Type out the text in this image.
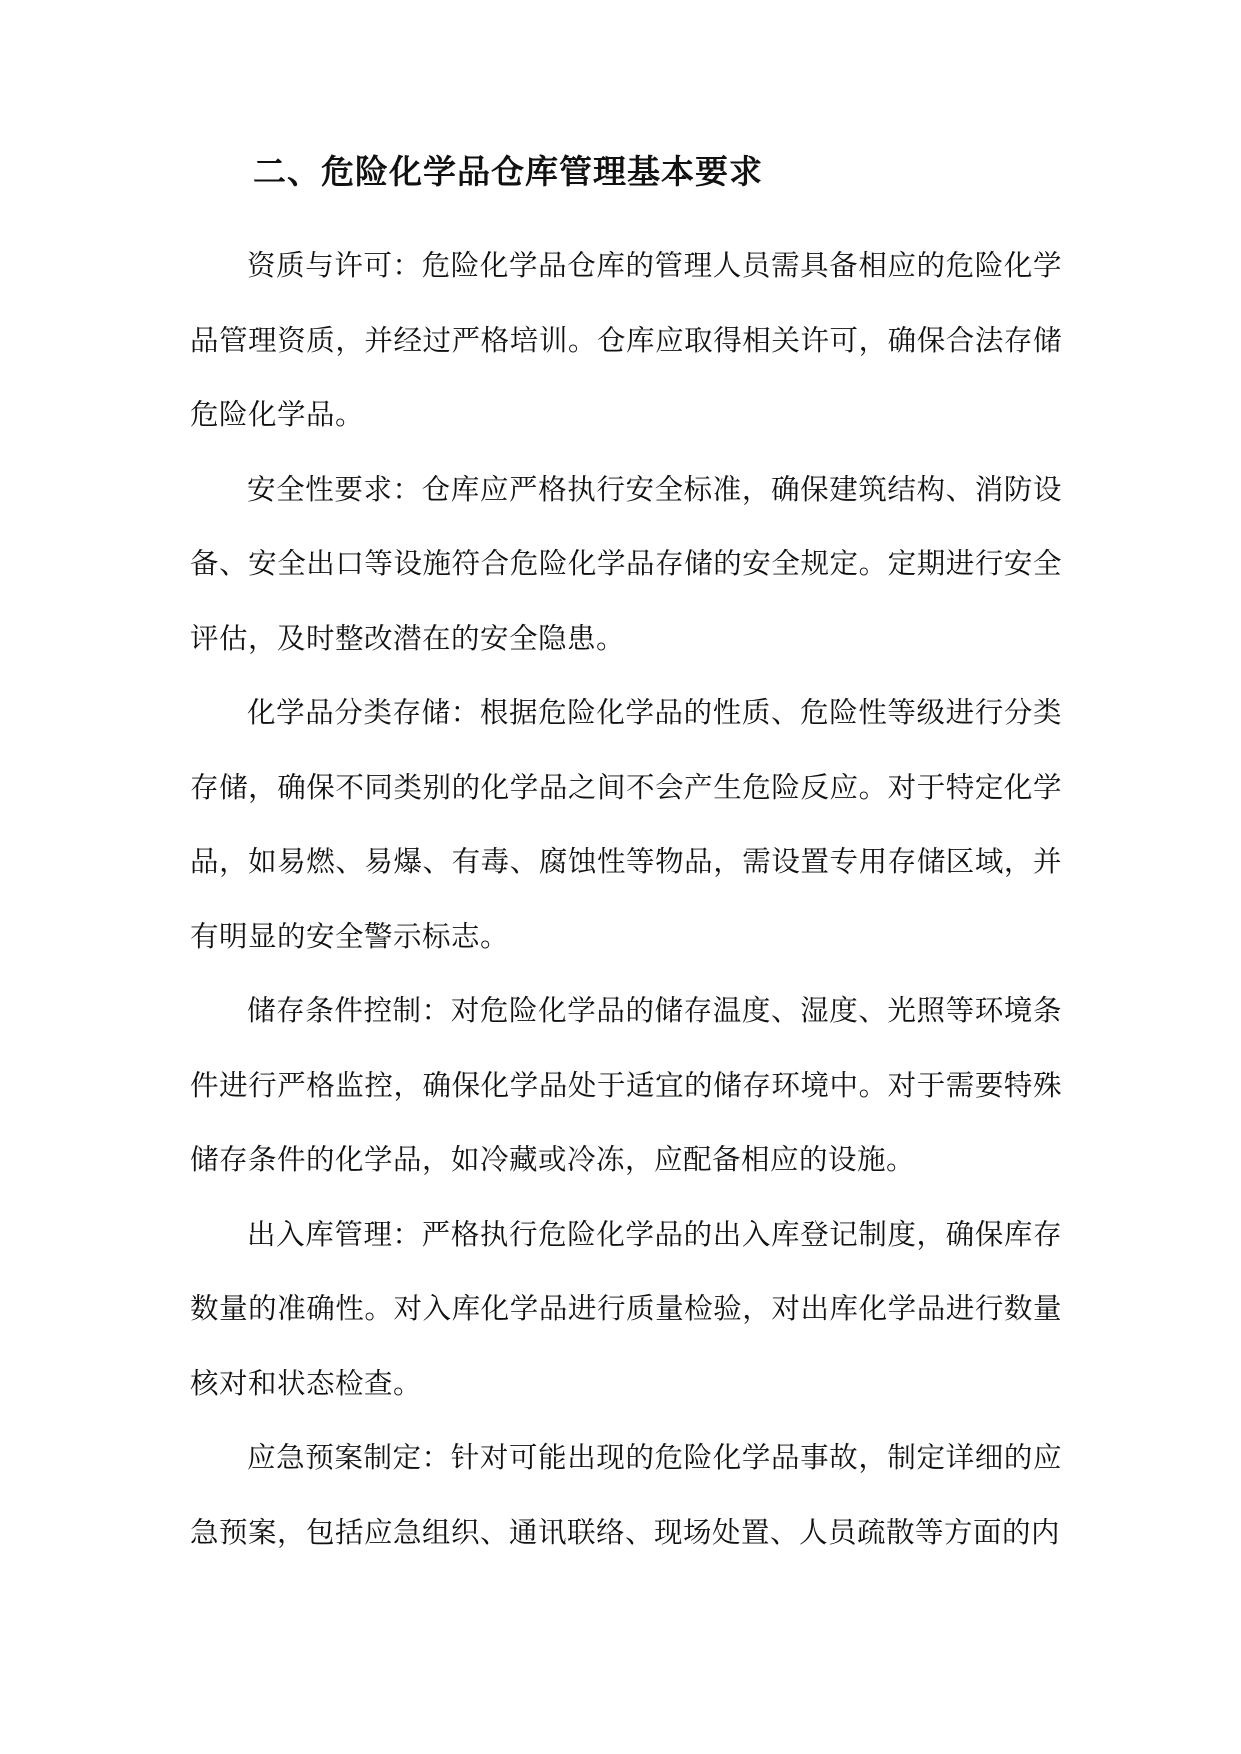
二、危险化学品仓库管理基本要求

资质与许可：危险化学品仓库的管理人员需具备相应的危险化学品管理资质，并经过严格培训。仓库应取得相关许可，确保合法存储危险化学品。

安全性要求：仓库应严格执行安全标准，确保建筑结构、消防设备、安全出口等设施符合危险化学品存储的安全规定。定期进行安全评估，及时整改潜在的安全隐患。

化学品分类存储：根据危险化学品的性质、危险性等级进行分类存储，确保不同类别的化学品之间不会产生危险反应。对于特定化学品，如易燃、易爆、有毒、腐蚀性等物品，需设置专用存储区域，并有明显的安全警示标志。

储存条件控制：对危险化学品的储存温度、湿度、光照等环境条件进行严格监控，确保化学品处于适宜的储存环境中。对于需要特殊储存条件的化学品，如冷藏或冷冻，应配备相应的设施。

出入库管理：严格执行危险化学品的出入库登记制度，确保库存数量的准确性。对入库化学品进行质量检验，对出库化学品进行数量核对和状态检查。

应急预案制定：针对可能出现的危险化学品事故，制定详细的应急预案，包括应急组织、通讯联络、现场处置、人员疏散等方面的内
